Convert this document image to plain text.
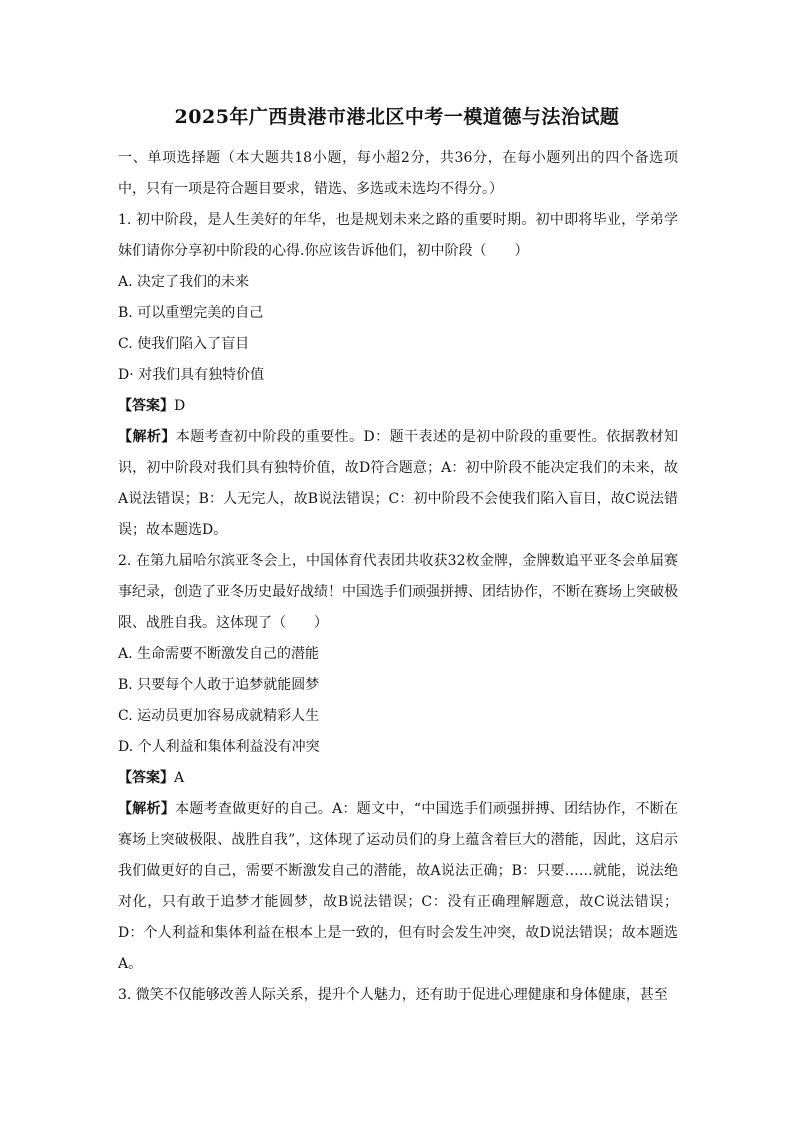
2025年广西贵港市港北区中考一模道德与法治试题

一、单项选择题（本大题共18小题，每小超2分，共36分，在每小题列出的四个备选项中，只有一项是符合题目要求，错选、多选或未选均不得分。）

1. 初中阶段，是人生美好的年华，也是规划未来之路的重要时期。初中即将毕业，学弟学妹们请你分享初中阶段的心得.你应该告诉他们，初中阶段（　　）

A. 决定了我们的未来

B. 可以重塑完美的自己

C. 使我们陷入了盲目

D· 对我们具有独特价值

【答案】D

【解析】本题考查初中阶段的重要性。D：题干表述的是初中阶段的重要性。依据教材知识，初中阶段对我们具有独特价值，故D符合题意；A：初中阶段不能决定我们的未来，故A说法错误；B：人无完人，故B说法错误；C：初中阶段不会使我们陷入盲目，故C说法错误；故本题选D。

2. 在第九届哈尔滨亚冬会上，中国体育代表团共收获32枚金牌，金牌数追平亚冬会单届赛事纪录，创造了亚冬历史最好战绩！中国选手们顽强拼搏、团结协作，不断在赛场上突破极限、战胜自我。这体现了（　　）

A. 生命需要不断激发自己的潜能

B. 只要每个人敢于追梦就能圆梦

C. 运动员更加容易成就精彩人生

D. 个人利益和集体利益没有冲突

【答案】A

【解析】本题考查做更好的自己。A：题文中，“中国选手们顽强拼搏、团结协作，不断在赛场上突破极限、战胜自我”，这体现了运动员们的身上蕴含着巨大的潜能，因此，这启示我们做更好的自己，需要不断激发自己的潜能，故A说法正确；B：只要……就能，说法绝对化，只有敢于追梦才能圆梦，故B说法错误；C：没有正确理解题意，故C说法错误；D：个人利益和集体利益在根本上是一致的，但有时会发生冲突，故D说法错误；故本题选A。

3. 微笑不仅能够改善人际关系，提升个人魅力，还有助于促进心理健康和身体健康，甚至
